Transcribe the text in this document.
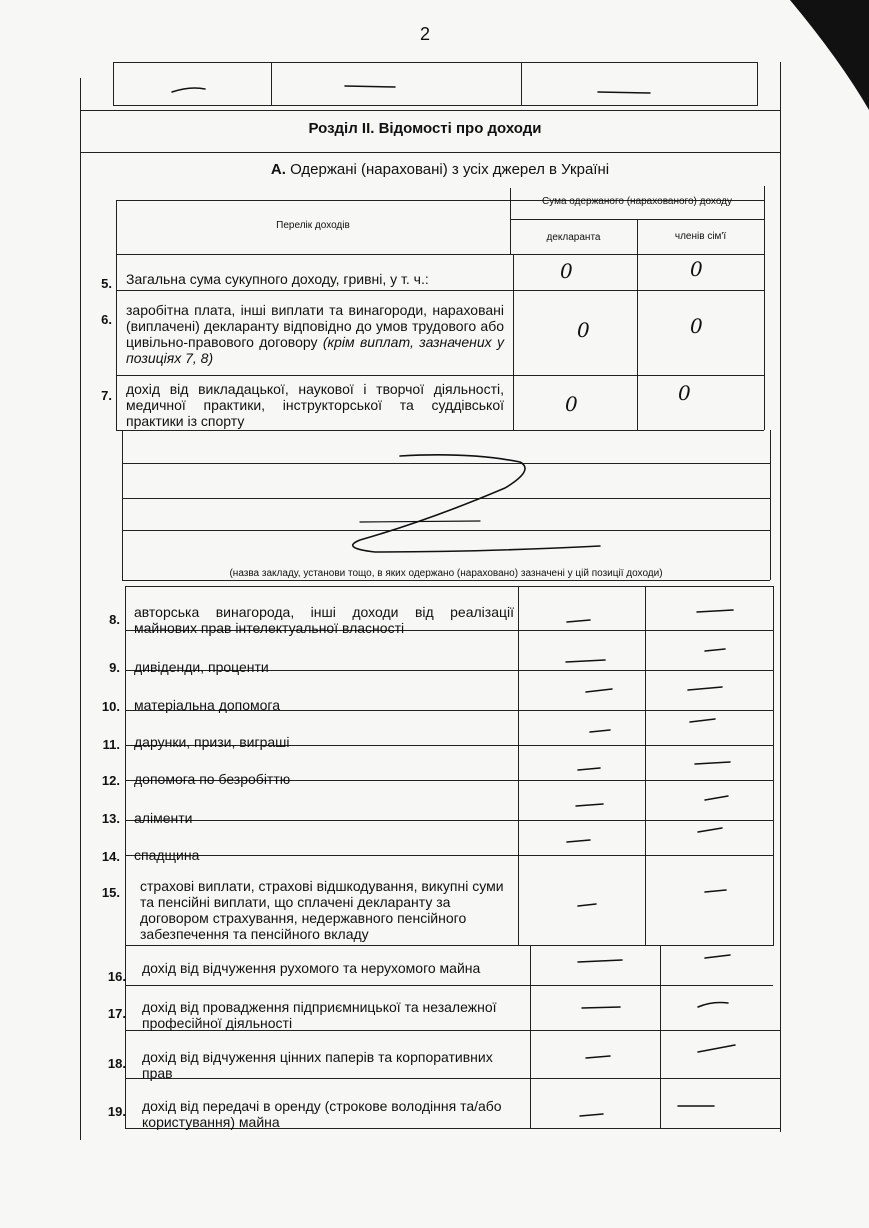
2
Розділ ІІ. Відомості про доходи
А. Одержані (нараховані) з усіх джерел в Україні
Перелік доходів
Сума одержаного (нарахованого) доходу
декларанта	членів сім'ї
5. Загальна сума сукупного доходу, гривні, у т. ч.:	0	0
6.
заробітна плата, інші виплати та винагороди, нараховані (виплачені) декларанту відповідно до умов трудового або цивільно-правового договору (крім виплат, зазначених у позиціях 7, 8)
0	0
7. дохід від викладацької, наукової і творчої діяльності, медичної практики, інструкторської та суддівської практики із спорту
0	0
(назва закладу, установи тощо, в яких одержано (нараховано) зазначені у цій позиції доходи)
8. авторська винагорода, інші доходи від реалізації майнових прав інтелектуальної власності
9. дивіденди, проценти
10. матеріальна допомога
11. дарунки, призи, виграші
12. допомога по безробіттю
13. аліменти
14. спадщина
15. страхові виплати, страхові відшкодування, викупні суми та пенсійні виплати, що сплачені декларанту за договором страхування, недержавного пенсійного забезпечення та пенсійного вкладу
16.
дохід від відчуження рухомого та нерухомого майна
17. дохід від провадження підприємницької та незалежної професійної діяльності
18. дохід від відчуження цінних паперів та корпоративних прав
19. дохід від передачі в оренду (строкове володіння та/або користування) майна
